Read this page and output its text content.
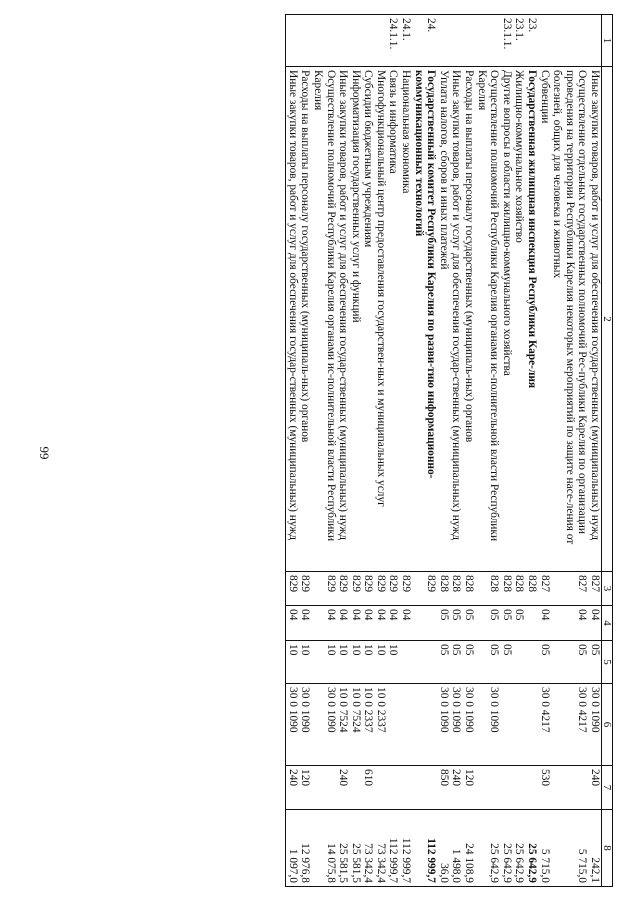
66
1	2	3	4	5	6	7	8
	Иные закупки товаров, работ и услуг для обеспечения государ-ственных (муниципальных) нужд	827	04	05	30 0 1090	240	242,1
	Осуществление отдельных государственных полномочий Рес-публики Карелия по организации проведения на территории Республики Карелия некоторых мероприятий по защите насе-ления от болезней, общих для человека и животных	827	04	05	30 0 4217		5 715,0
	Субвенции	827	04	05	30 0 4217	530	5 715,0
23.	Государственная жилищная инспекция Республики Каре-лия	828					25 642,9
23.1.	Жилищно-коммунальное хозяйство	828	05				25 642,9
23.1.1.	Другие вопросы в области жилищно-коммунального хозяйства	828	05	05			25 642,9
	Осуществление полномочий Республики Карелия органами ис-полнительной власти Республики Карелия	828	05	05	30 0 1090		25 642,9
	Расходы на выплаты персоналу государственных (муниципаль-ных) органов	828	05	05	30 0 1090	120	24 108,9
	Иные закупки товаров, работ и услуг для обеспечения государ-ственных (муниципальных) нужд	828	05	05	30 0 1090	240	1 498,0
	Уплата налогов, сборов и иных платежей	828	05	05	30 0 1090	850	36,0
24.	Государственный комитет Республики Карелия по разви-тию информационно-коммуникационных технологий	829					112 999,7
24.1.	Национальная экономика	829	04				112 999,7
24.1.1.	Связь и информатика	829	04	10			112 999,7
	Многофункциональный центр предоставления государствен-ных и муниципальных услуг	829	04	10	10 0 2337		73 342,4
	Субсидии бюджетным учреждениям	829	04	10	10 0 2337	610	73 342,4
	Информатизация государственных услуг и функций	829	04	10	10 0 7524		25 581,5
	Иные закупки товаров, работ и услуг для обеспечения государ-ственных (муниципальных) нужд	829	04	10	10 0 7524	240	25 581,5
	Осуществление полномочий Республики Карелия органами ис-полнительной власти Республики Карелия	829	04	10	30 0 1090		14 075,8
	Расходы на выплаты персоналу государственных (муниципаль-ных) органов	829	04	10	30 0 1090	120	12 976,8
	Иные закупки товаров, работ и услуг для обеспечения государ-ственных (муниципальных) нужд	829	04	10	30 0 1090	240	1 097,0
